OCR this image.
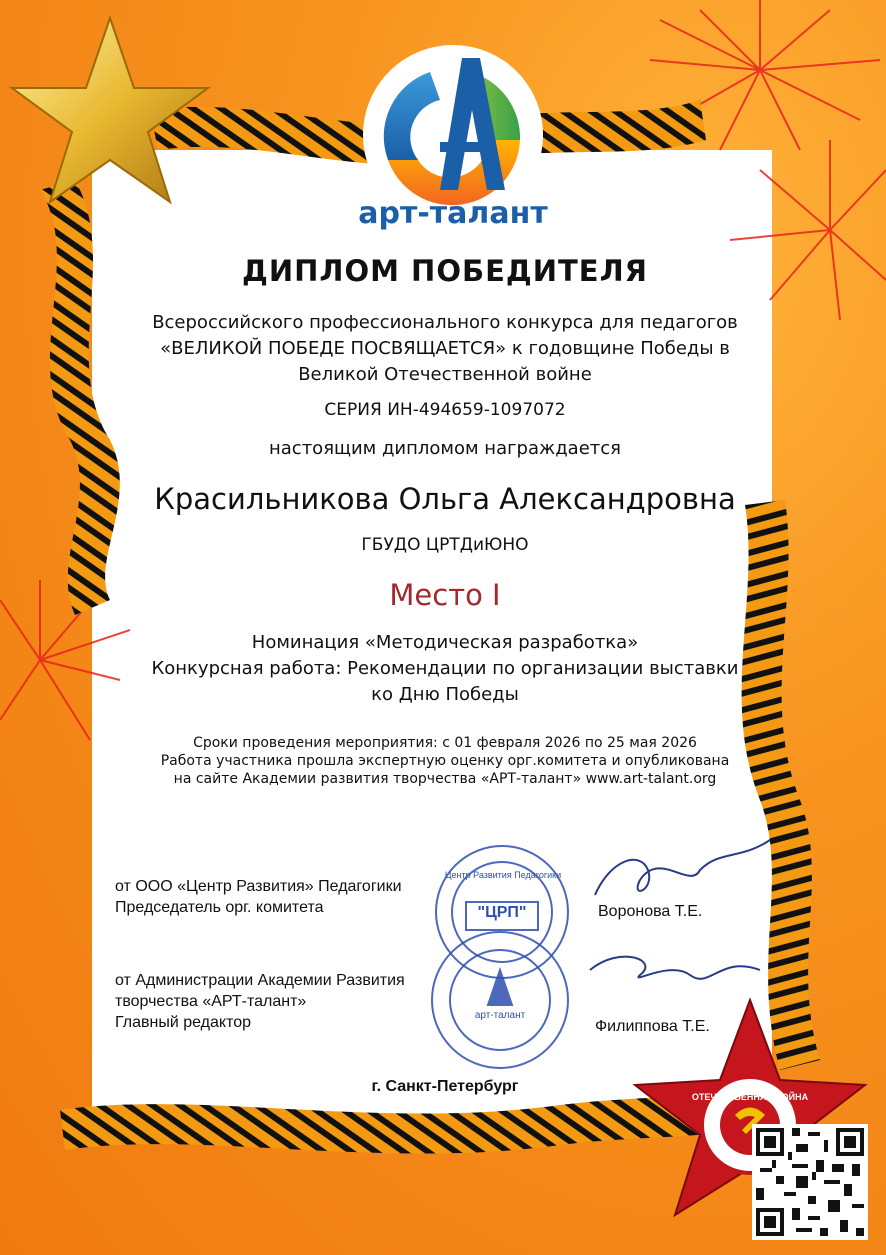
арт-талант
"ЦРП"
Центр Развития Педагогики
арт-талант
ОТЕЧЕСТВЕННАЯ ВОЙНА
ДИПЛОМ ПОБЕДИТЕЛЯ
Всероссийского профессионального конкурса для педагогов
«ВЕЛИКОЙ ПОБЕДЕ ПОСВЯЩАЕТСЯ» к годовщине Победы в
Великой Отечественной войне
СЕРИЯ ИН-494659-1097072
настоящим дипломом награждается
Красильникова Ольга Александровна
ГБУДО ЦРТДиЮНО
Место I
Номинация «Методическая разработка»
Конкурсная работа: Рекомендации по организации выставки
ко Дню Победы
Сроки проведения мероприятия: с 01 февраля 2026 по 25 мая 2026
Работа участника прошла экспертную оценку орг.комитета и опубликована
на сайте Академии развития творчества «АРТ-талант» www.art-talant.org
от ООО «Центр Развития» Педагогики
Председатель орг. комитета	Воронова Т.Е.
от Администрации Академии Развития
творчества «АРТ-талант»
Главный редактор	Филиппова Т.Е.
г. Санкт-Петербург
